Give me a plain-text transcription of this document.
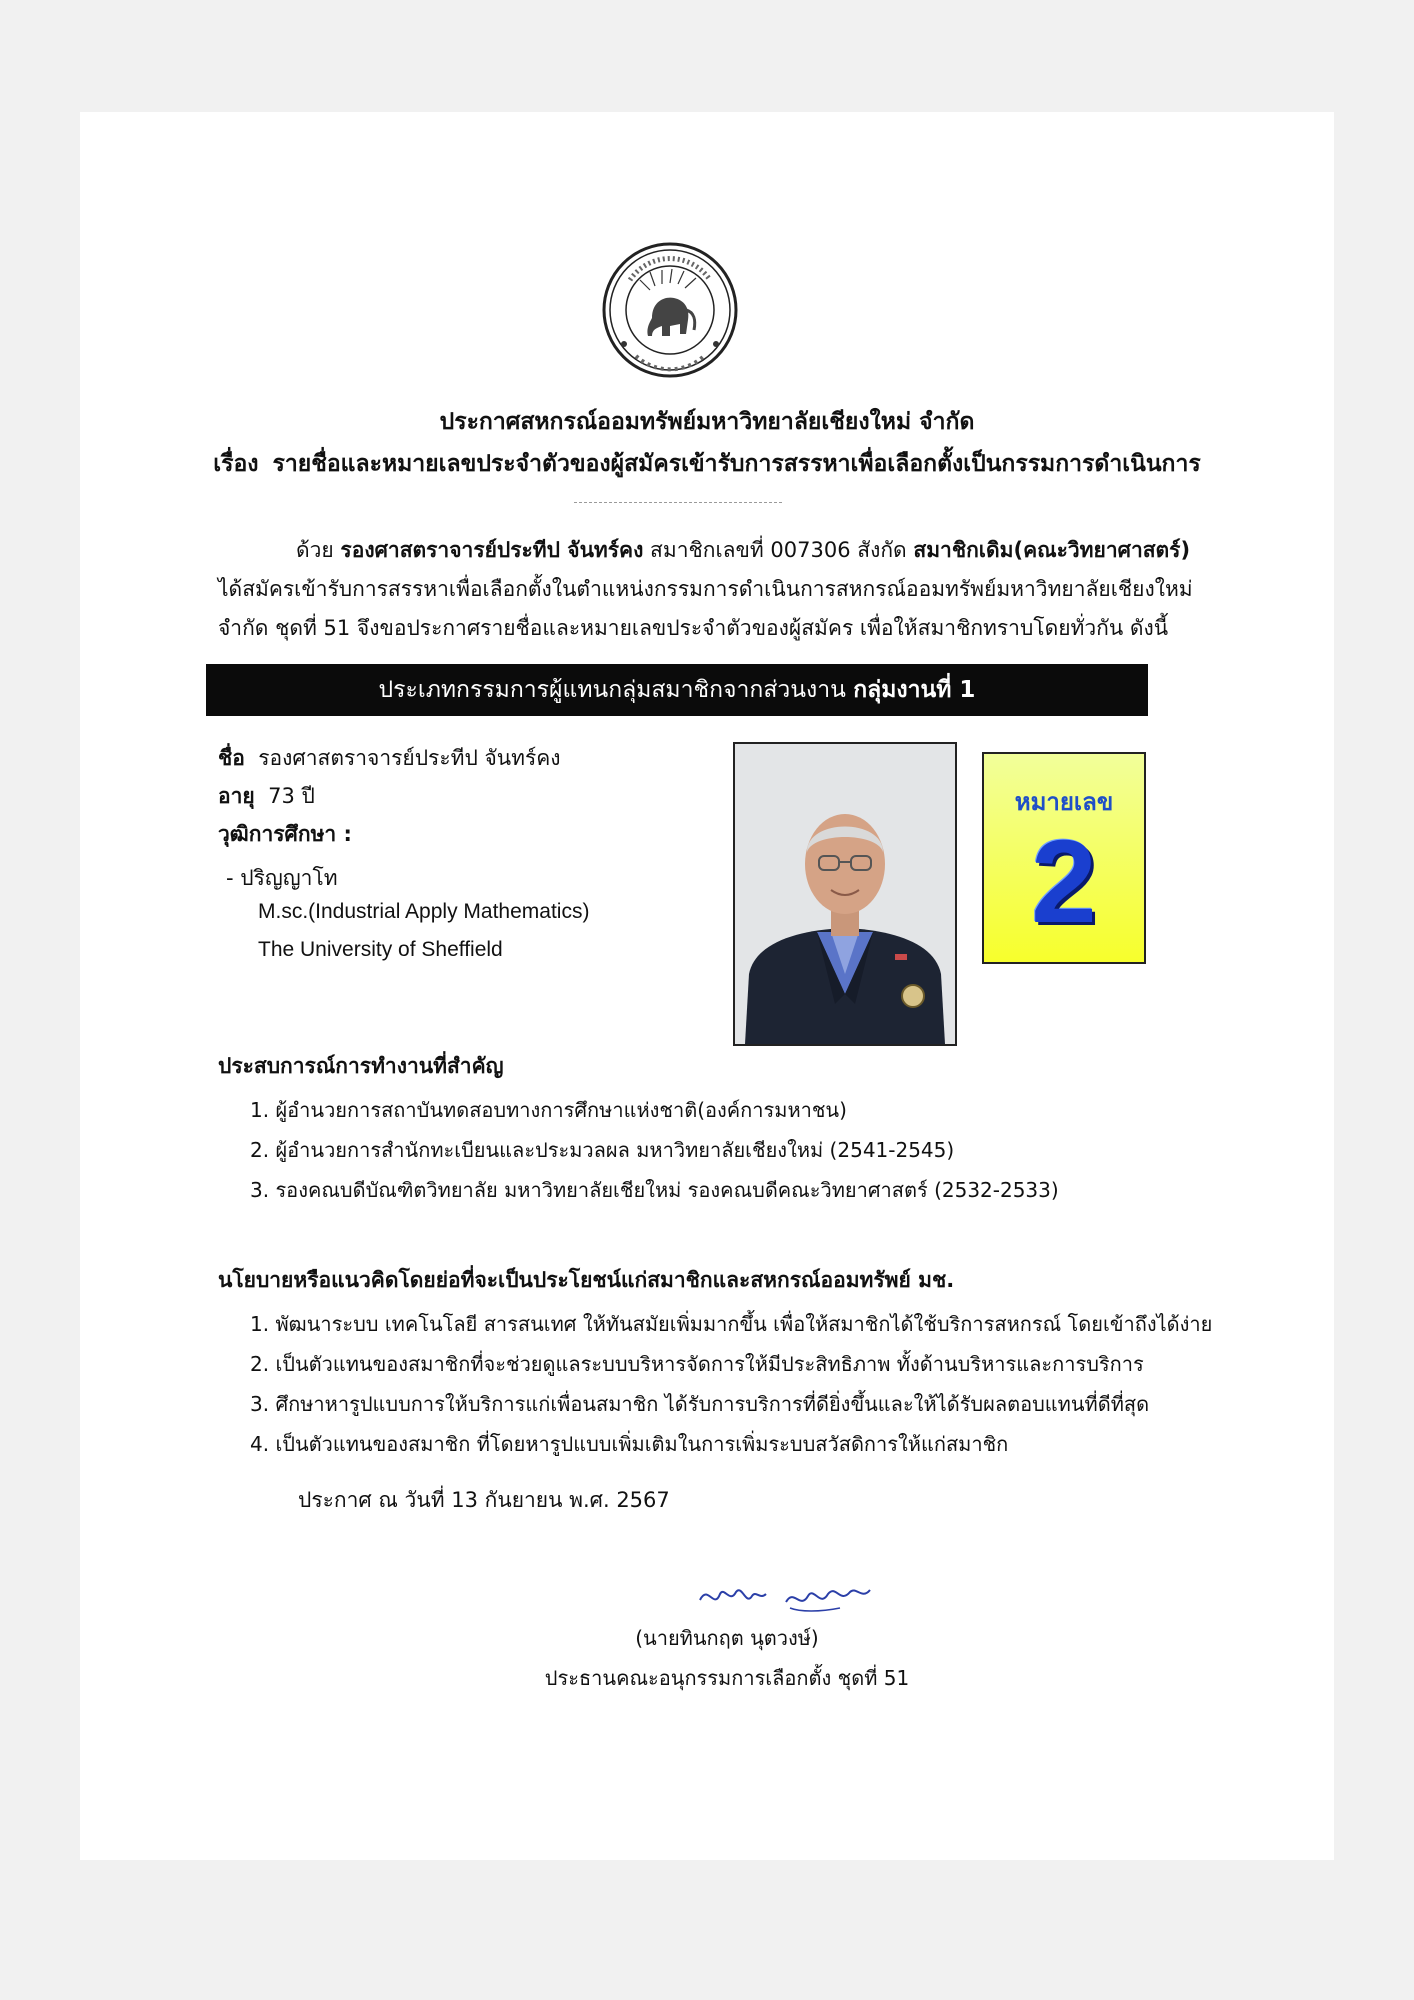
ประกาศสหกรณ์ออมทรัพย์มหาวิทยาลัยเชียงใหม่ จำกัด
เรื่อง รายชื่อและหมายเลขประจำตัวของผู้สมัครเข้ารับการสรรหาเพื่อเลือกตั้งเป็นกรรมการดำเนินการ
ด้วย รองศาสตราจารย์ประทีป จันทร์คง สมาชิกเลขที่ 007306 สังกัด สมาชิกเดิม(คณะวิทยาศาสตร์)
ได้สมัครเข้ารับการสรรหาเพื่อเลือกตั้งในตำแหน่งกรรมการดำเนินการสหกรณ์ออมทรัพย์มหาวิทยาลัยเชียงใหม่
จำกัด ชุดที่ 51 จึงขอประกาศรายชื่อและหมายเลขประจำตัวของผู้สมัคร เพื่อให้สมาชิกทราบโดยทั่วกัน ดังนี้
ประเภทกรรมการผู้แทนกลุ่มสมาชิกจากส่วนงาน กลุ่มงานที่ 1
ชื่อ รองศาสตราจารย์ประทีป จันทร์คง
อายุ 73 ปี
วุฒิการศึกษา :
- ปริญญาโท
M.sc.(Industrial Apply Mathematics)
The University of Sheffield
หมายเลข
2
ประสบการณ์การทำงานที่สำคัญ
1. ผู้อำนวยการสถาบันทดสอบทางการศึกษาแห่งชาติ(องค์การมหาชน)
2. ผู้อำนวยการสำนักทะเบียนและประมวลผล มหาวิทยาลัยเชียงใหม่ (2541-2545)
3. รองคณบดีบัณฑิตวิทยาลัย มหาวิทยาลัยเชียใหม่ รองคณบดีคณะวิทยาศาสตร์ (2532-2533)
นโยบายหรือแนวคิดโดยย่อที่จะเป็นประโยชน์แก่สมาชิกและสหกรณ์ออมทรัพย์ มช.
1. พัฒนาระบบ เทคโนโลยี สารสนเทศ ให้ทันสมัยเพิ่มมากขึ้น เพื่อให้สมาชิกได้ใช้บริการสหกรณ์ โดยเข้าถึงได้ง่าย
2. เป็นตัวแทนของสมาชิกที่จะช่วยดูแลระบบบริหารจัดการให้มีประสิทธิภาพ ทั้งด้านบริหารและการบริการ
3. ศึกษาหารูปแบบการให้บริการแก่เพื่อนสมาชิก ได้รับการบริการที่ดียิ่งขึ้นและให้ได้รับผลตอบแทนที่ดีที่สุด
4. เป็นตัวแทนของสมาชิก ที่โดยหารูปแบบเพิ่มเติมในการเพิ่มระบบสวัสดิการให้แก่สมาชิก
ประกาศ ณ วันที่ 13 กันยายน พ.ศ. 2567
(นายทินกฤต นุตวงษ์)
ประธานคณะอนุกรรมการเลือกตั้ง ชุดที่ 51
